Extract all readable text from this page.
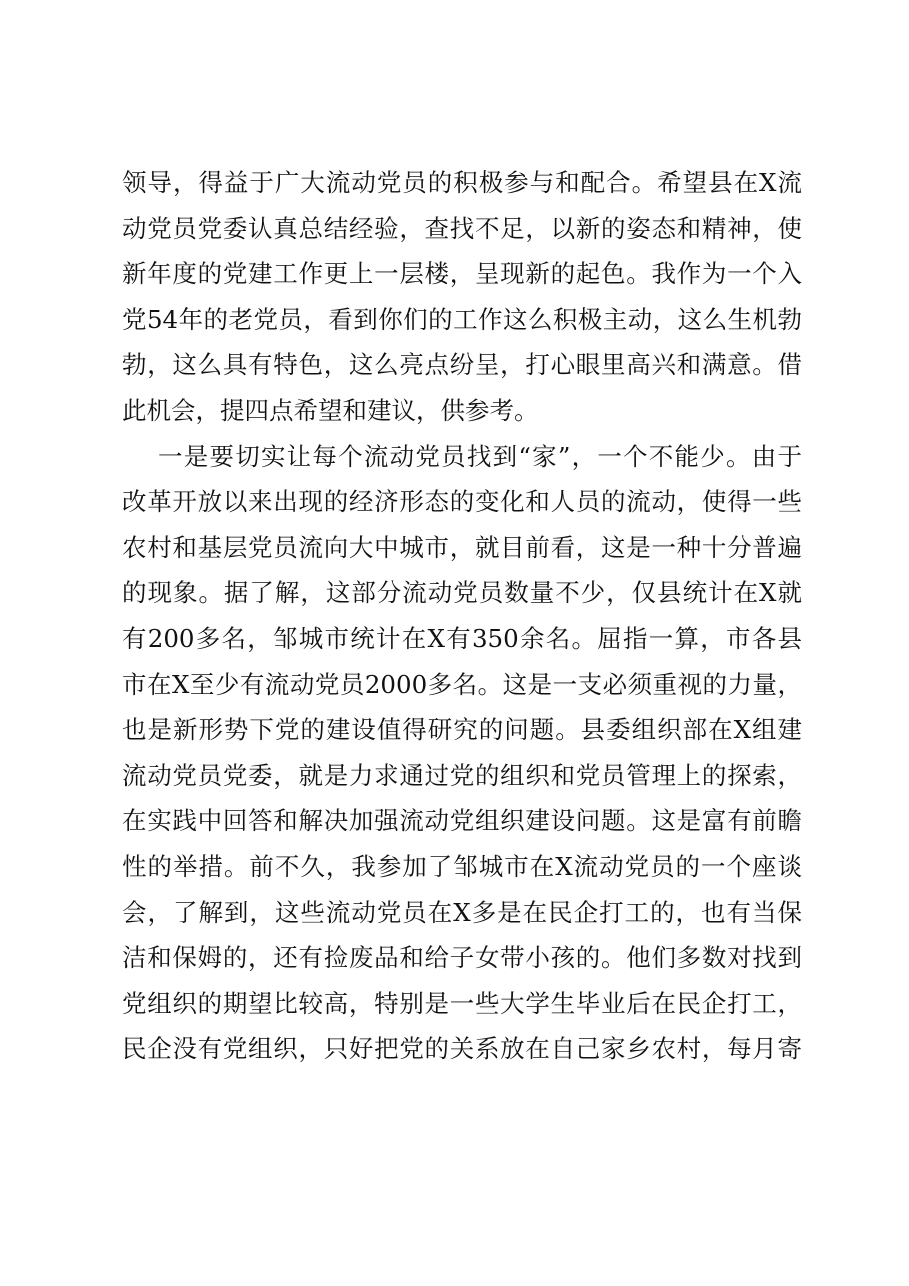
领导，得益于广大流动党员的积极参与和配合。希望县在X流
动党员党委认真总结经验，查找不足，以新的姿态和精神，使
新年度的党建工作更上一层楼，呈现新的起色。我作为一个入
党54年的老党员，看到你们的工作这么积极主动，这么生机勃
勃，这么具有特色，这么亮点纷呈，打心眼里高兴和满意。借
此机会，提四点希望和建议，供参考。
一是要切实让每个流动党员找到“家”，一个不能少。由于
改革开放以来出现的经济形态的变化和人员的流动，使得一些
农村和基层党员流向大中城市，就目前看，这是一种十分普遍
的现象。据了解，这部分流动党员数量不少，仅县统计在X就
有200多名，邹城市统计在X有350余名。屈指一算，市各县
市在X至少有流动党员2000多名。这是一支必须重视的力量，
也是新形势下党的建设值得研究的问题。县委组织部在X组建
流动党员党委，就是力求通过党的组织和党员管理上的探索，
在实践中回答和解决加强流动党组织建设问题。这是富有前瞻
性的举措。前不久，我参加了邹城市在X流动党员的一个座谈
会，了解到，这些流动党员在X多是在民企打工的，也有当保
洁和保姆的，还有捡废品和给子女带小孩的。他们多数对找到
党组织的期望比较高，特别是一些大学生毕业后在民企打工，
民企没有党组织，只好把党的关系放在自己家乡农村，每月寄
